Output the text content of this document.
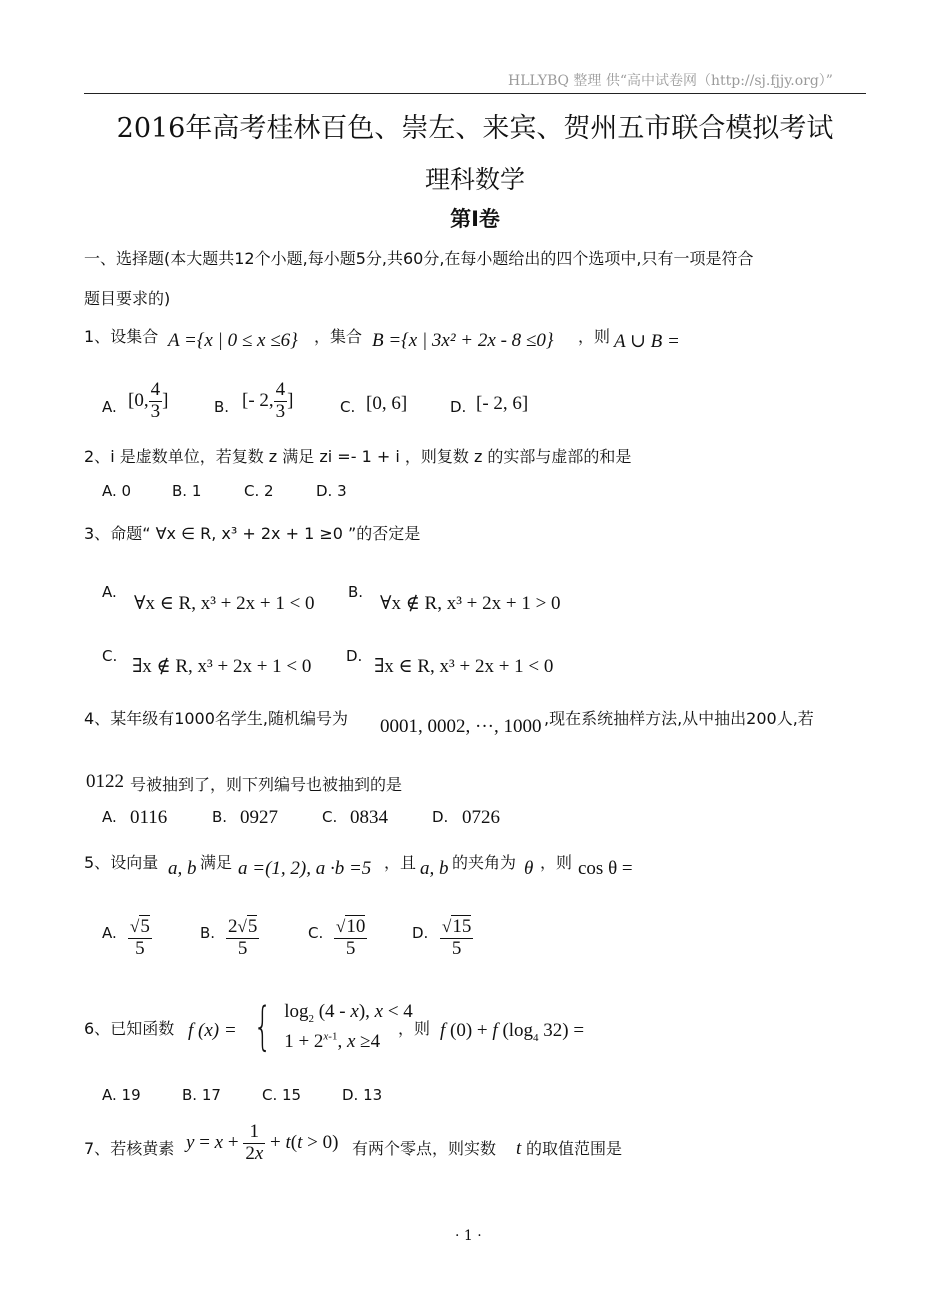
HLLYBQ 整理 供“高中试卷网（http://sj.fjjy.org）”
2016年高考桂林百色、崇左、来宾、贺州五市联合模拟考试
理科数学
第Ⅰ卷
一、选择题(本大题共12个小题,每小题5分,共60分,在每小题给出的四个选项中,只有一项是符合
题目要求的)
1、设集合 A ={x | 0 ≤ x ≤6} ，集合 B ={x | 3x² + 2x - 8 ≤0} ，则 A ∪ B =
A. [0, $\frac{4}{3}$ ]	B. [- 2, $\frac{4}{3}$ ]	C. [0, 6]	D. [- 2, 6]
2、i 是虚数单位，若复数 z 满足 zi =- 1 + i ，则复数 z 的实部与虚部的和是
A. 0	B. 1	C. 2	D. 3
3、命题“ ∀x ∈ R, x³ + 2x + 1 ≥0 ”的否定是
A.
∀x ∈ R, x³ + 2x + 1 < 0
B.
∀x ∉ R, x³ + 2x + 1 > 0
C. ∃x ∉ R, x³ + 2x + 1 < 0 D. ∃x ∈ R, x³ + 2x + 1 < 0
4、某年级有1000名学生,随机编号为 0001, 0002, ···, 1000 ,现在系统抽样方法,从中抽出200人,若
0122 号被抽到了，则下列编号也被抽到的是
A. 0116	B. 0927	C. 0834	D. 0726
5、设向量 a, b 满足 a =(1, 2), a ·b =5 ，且 a, b 的夹角为 θ ，则 cos θ =
A. $\frac{√5}{5}$	B. $\frac{2√5}{5}$	C. $\frac{√10}{5}$	D. $\frac{√15}{5}$
6、已知函数 f (x) = { $\log_2 (4 - x)$, x < 4
$1 + 2^{x-1}$, x ≥4
，则 f (0) + f ($\log_4$ 32) =
A. 19	B. 17	C. 15	D. 13
7、若核黄素 $y = x + \frac{1}{2x} + t(t > 0)$ 有两个零点，则实数 t 的取值范围是
· 1 ·
